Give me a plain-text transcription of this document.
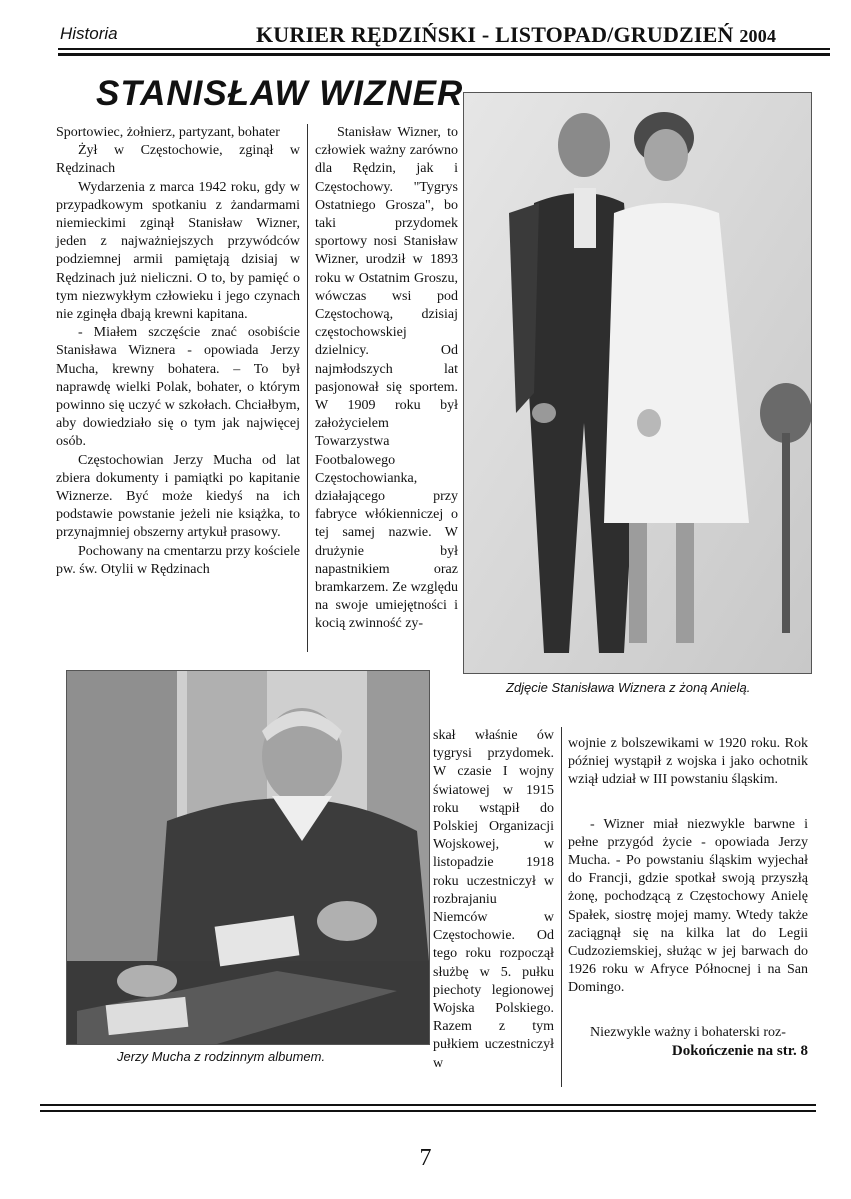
Historia	KURIER RĘDZIŃSKI - LISTOPAD/GRUDZIEŃ 2004
STANISŁAW WIZNER

Sportowiec, żołnierz, partyzant, bohater

Żył w Częstochowie, zginął w Rędzinach

Wydarzenia z marca 1942 roku, gdy w przypadkowym spotkaniu z żandarmami niemieckimi zginął Stanisław Wizner, jeden z najważniejszych przywódców podziemnej armii pamiętają dzisiaj w Rędzinach już nieliczni. O to, by pamięć o tym niezwykłym człowieku i jego czynach nie zginęła dbają krewni kapitana.

- Miałem szczęście znać osobiście Stanisława Wiznera - opowiada Jerzy Mucha, krewny bohatera. – To był naprawdę wielki Polak, bohater, o którym powinno się uczyć w szkołach. Chciałbym, aby dowiedziało się o tym jak najwięcej osób.

Częstochowian Jerzy Mucha od lat zbiera dokumenty i pamiątki po kapitanie Wiznerze. Być może kiedyś na ich podstawie powstanie jeżeli nie książka, to przynajmniej obszerny artykuł prasowy.

Pochowany na cmentarzu przy kościele pw. św. Otylii w Rędzinach

Stanisław Wizner, to człowiek ważny zarówno dla Rędzin, jak i Częstochowy. "Tygrys Ostatniego Grosza", bo taki przydomek sportowy nosi Stanisław Wizner, urodził w 1893 roku w Ostatnim Groszu, wówczas wsi pod Częstochową, dzisiaj częstochowskiej dzielnicy. Od najmłodszych lat pasjonował się sportem. W 1909 roku był założycielem Towarzystwa Footbalowego Częstochowianka, działającego przy fabryce włókienniczej o tej samej nazwie. W drużynie był napastnikiem oraz bramkarzem. Ze względu na swoje umiejętności i kocią zwinność zy-

Zdjęcie Stanisława Wiznera z żoną Anielą.
Jerzy Mucha z rodzinnym albumem.

skał właśnie ów tygrysi przydomek. W czasie I wojny światowej w 1915 roku wstąpił do Polskiej Organizacji Wojskowej, w listopadzie 1918 roku uczestniczył w rozbrajaniu Niemców w Częstochowie. Od tego roku rozpoczął służbę w 5. pułku piechoty legionowej Wojska Polskiego. Razem z tym pułkiem uczestniczył w

wojnie z bolszewikami w 1920 roku. Rok później wystąpił z wojska i jako ochotnik wziął udział w III powstaniu śląskim.

- Wizner miał niezwykle barwne i pełne przygód życie - opowiada Jerzy Mucha. - Po powstaniu śląskim wyjechał do Francji, gdzie spotkał swoją przyszłą żonę, pochodzącą z Częstochowy Anielę Spałek, siostrę mojej mamy. Wtedy także zaciągnął się na kilka lat do Legii Cudzoziemskiej, służąc w jej barwach do 1926 roku w Afryce Północnej i na San Domingo.

Niezwykle ważny i bohaterski roz-

Dokończenie na str. 8
7
